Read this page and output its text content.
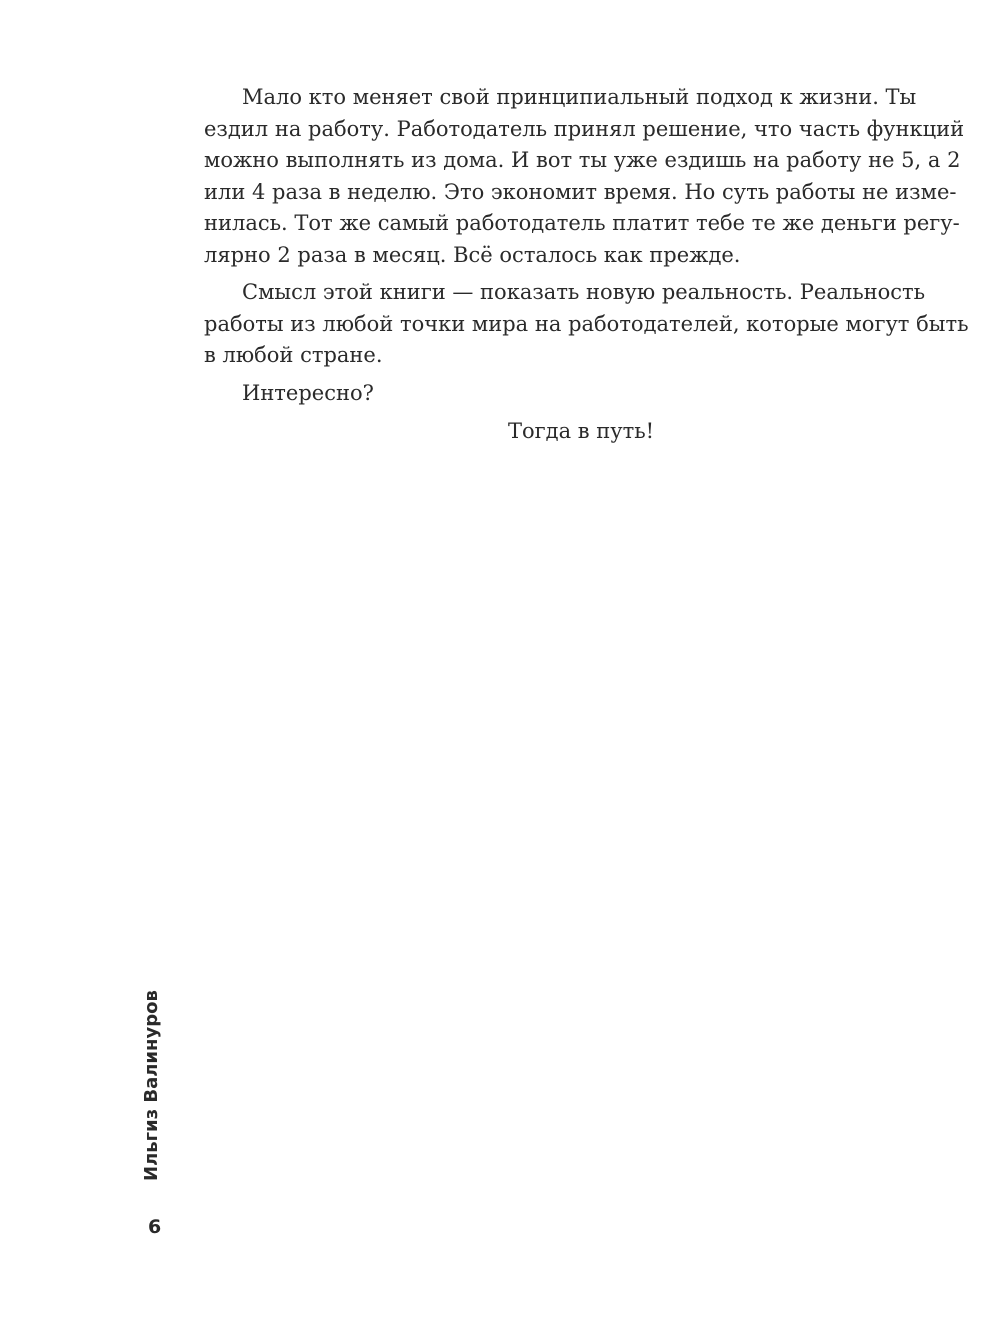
Мало кто меняет свой принципиальный подход к жизни. Ты
ездил на работу. Работодатель принял решение, что часть функций
можно выполнять из дома. И вот ты уже ездишь на работу не 5, а 2
или 4 раза в неделю. Это экономит время. Но суть работы не изме-
нилась. Тот же самый работодатель платит тебе те же деньги регу-
лярно 2 раза в месяц. Всё осталось как прежде.
Смысл этой книги — показать новую реальность. Реальность
работы из любой точки мира на работодателей, которые могут быть
в любой стране.
Интересно?
Тогда в путь!
Ильгиз Валинуров
6
